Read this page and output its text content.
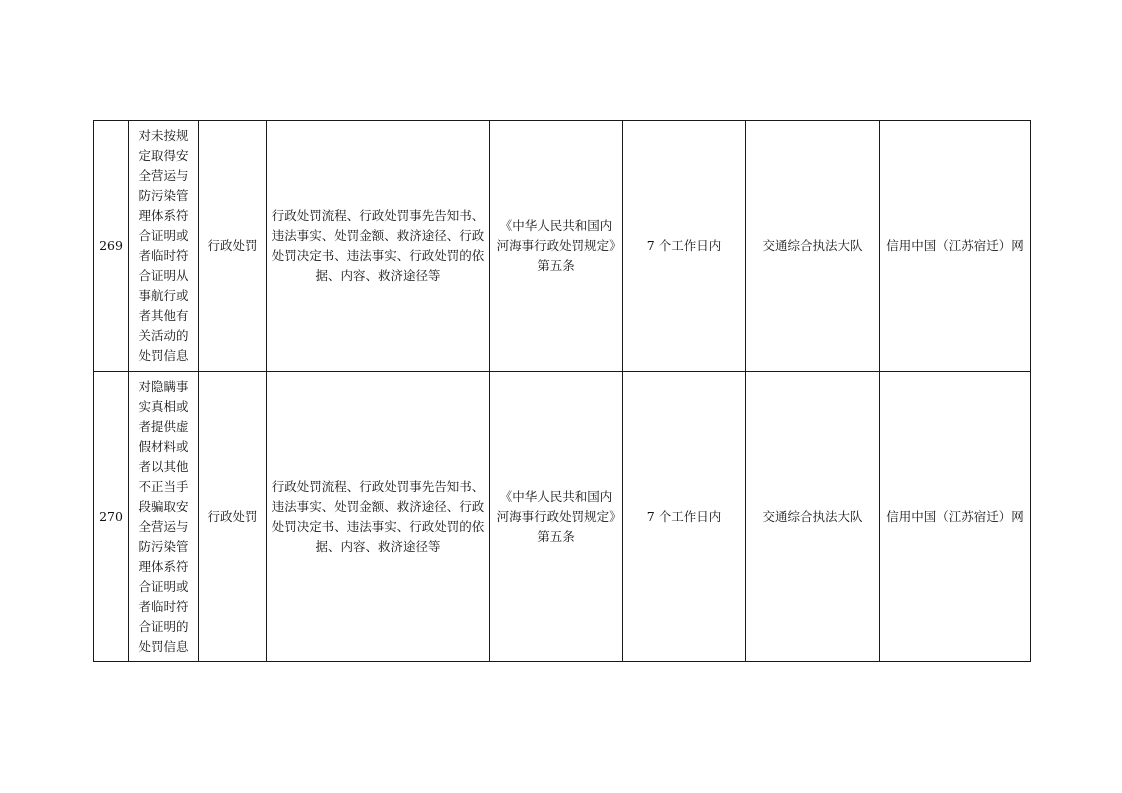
269	对未按规定取得安全营运与防污染管理体系符合证明或者临时符合证明从事航行或者其他有关活动的处罚信息	行政处罚	行政处罚流程、行政处罚事先告知书、违法事实、处罚金额、救济途径、行政处罚决定书、违法事实、行政处罚的依据、内容、救济途径等	《中华人民共和国内河海事行政处罚规定》第五条	7 个工作日内	交通综合执法大队	信用中国（江苏宿迁）网
270	对隐瞒事实真相或者提供虚假材料或者以其他不正当手段骗取安全营运与防污染管理体系符合证明或者临时符合证明的处罚信息	行政处罚	行政处罚流程、行政处罚事先告知书、违法事实、处罚金额、救济途径、行政处罚决定书、违法事实、行政处罚的依据、内容、救济途径等	《中华人民共和国内河海事行政处罚规定》第五条	7 个工作日内	交通综合执法大队	信用中国（江苏宿迁）网
